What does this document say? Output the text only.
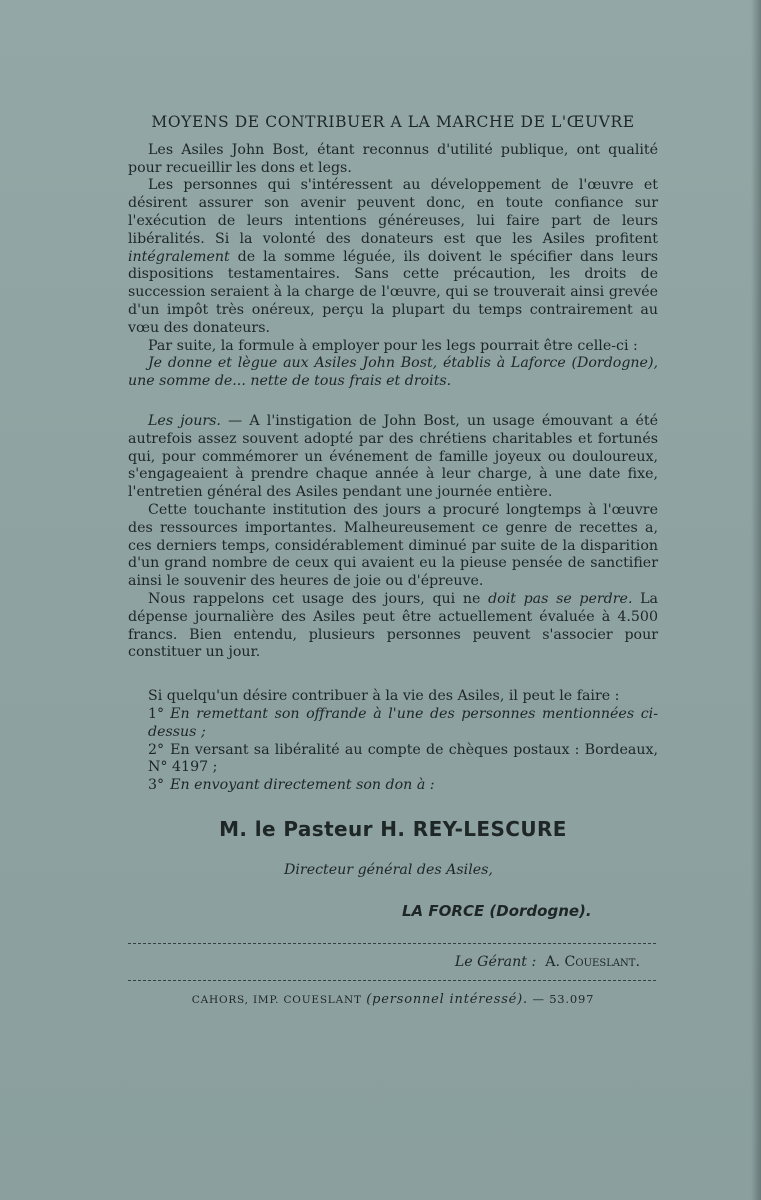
MOYENS DE CONTRIBUER A LA MARCHE DE L'ŒUVRE

Les Asiles John Bost, étant reconnus d'utilité publique, ont qualité pour recueillir les dons et legs.

Les personnes qui s'intéressent au développement de l'œuvre et désirent assurer son avenir peuvent donc, en toute confiance sur l'exécution de leurs intentions généreuses, lui faire part de leurs libéralités. Si la volonté des donateurs est que les Asiles profitent intégralement de la somme léguée, ils doivent le spécifier dans leurs dispositions testamentaires. Sans cette précaution, les droits de succession seraient à la charge de l'œuvre, qui se trouverait ainsi grevée d'un impôt très onéreux, perçu la plupart du temps contrairement au vœu des donateurs.

Par suite, la formule à employer pour les legs pourrait être celle-ci :

Je donne et lègue aux Asiles John Bost, établis à Laforce (Dordogne), une somme de... nette de tous frais et droits.

Les jours. — A l'instigation de John Bost, un usage émouvant a été autrefois assez souvent adopté par des chrétiens charitables et fortunés qui, pour commémorer un événement de famille joyeux ou douloureux, s'engageaient à prendre chaque année à leur charge, à une date fixe, l'entretien général des Asiles pendant une journée entière.

Cette touchante institution des jours a procuré longtemps à l'œuvre des ressources importantes. Malheureusement ce genre de recettes a, ces derniers temps, considérablement diminué par suite de la disparition d'un grand nombre de ceux qui avaient eu la pieuse pensée de sanctifier ainsi le souvenir des heures de joie ou d'épreuve.

Nous rappelons cet usage des jours, qui ne doit pas se perdre. La dépense journalière des Asiles peut être actuellement évaluée à 4.500 francs. Bien entendu, plusieurs personnes peuvent s'associer pour constituer un jour.

Si quelqu'un désire contribuer à la vie des Asiles, il peut le faire :

1° En remettant son offrande à l'une des personnes mentionnées ci-dessus ;

2° En versant sa libéralité au compte de chèques postaux : Bordeaux, N° 4197 ;

3° En envoyant directement son don à :

M. le Pasteur H. REY-LESCURE

Directeur général des Asiles,

LA FORCE (Dordogne).

Le Gérant : A. Coueslant.

CAHORS, IMP. COUESLANT (personnel intéressé). — 53.097
